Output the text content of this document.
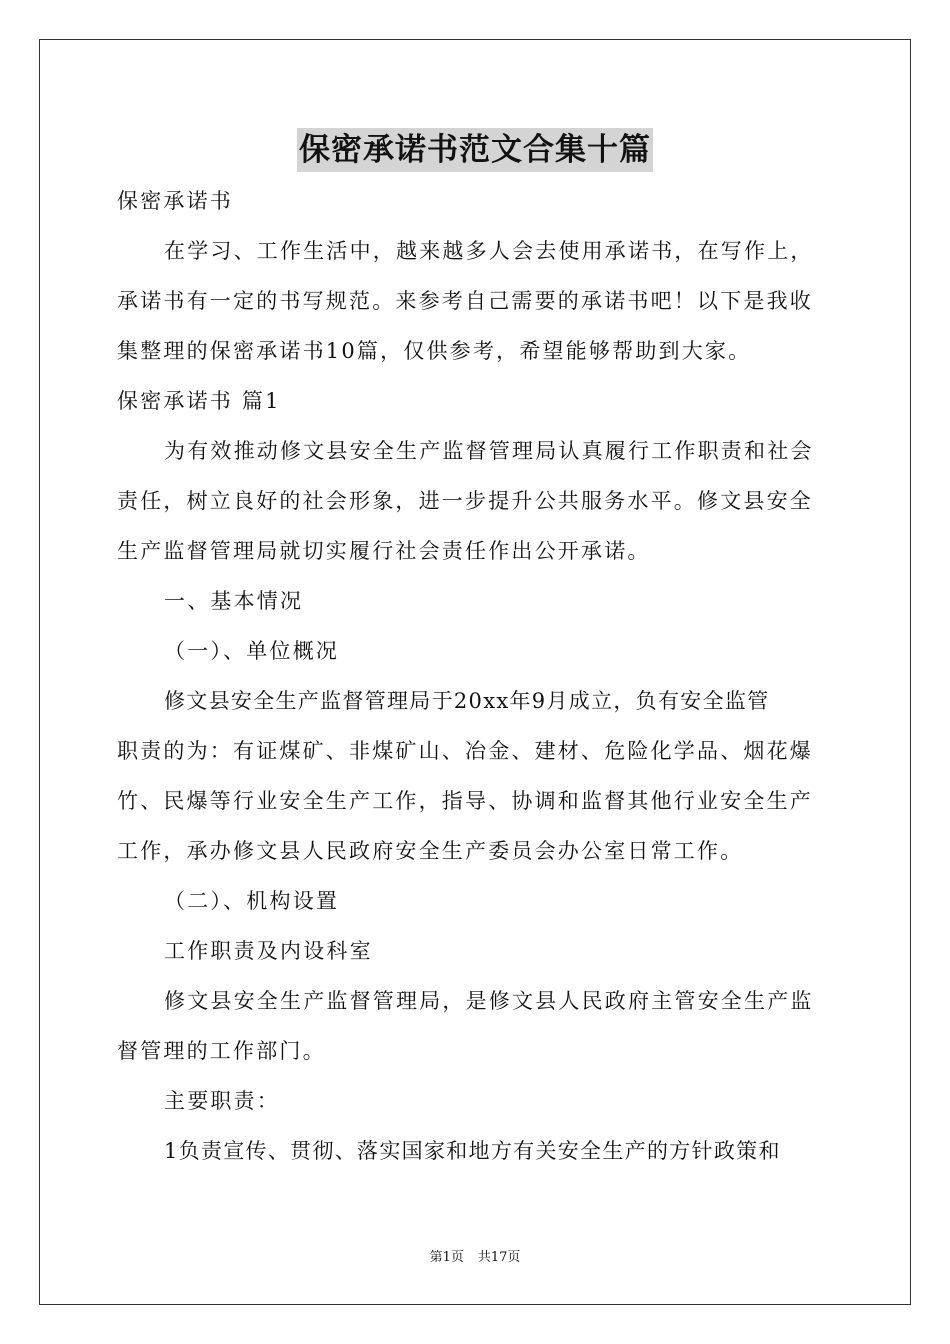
保密承诺书范文合集十篇
保密承诺书
在学习、工作生活中，越来越多人会去使用承诺书，在写作上，
承诺书有一定的书写规范。来参考自己需要的承诺书吧！以下是我收
集整理的保密承诺书10篇，仅供参考，希望能够帮助到大家。
保密承诺书 篇1
为有效推动修文县安全生产监督管理局认真履行工作职责和社会
责任，树立良好的社会形象，进一步提升公共服务水平。修文县安全
生产监督管理局就切实履行社会责任作出公开承诺。
一、基本情况
（一）、单位概况
修文县安全生产监督管理局于20xx年9月成立，负有安全监管
职责的为：有证煤矿、非煤矿山、冶金、建材、危险化学品、烟花爆
竹、民爆等行业安全生产工作，指导、协调和监督其他行业安全生产
工作，承办修文县人民政府安全生产委员会办公室日常工作。
（二）、机构设置
工作职责及内设科室
修文县安全生产监督管理局，是修文县人民政府主管安全生产监
督管理的工作部门。
主要职责：
1负责宣传、贯彻、落实国家和地方有关安全生产的方针政策和
第1页 共17页
